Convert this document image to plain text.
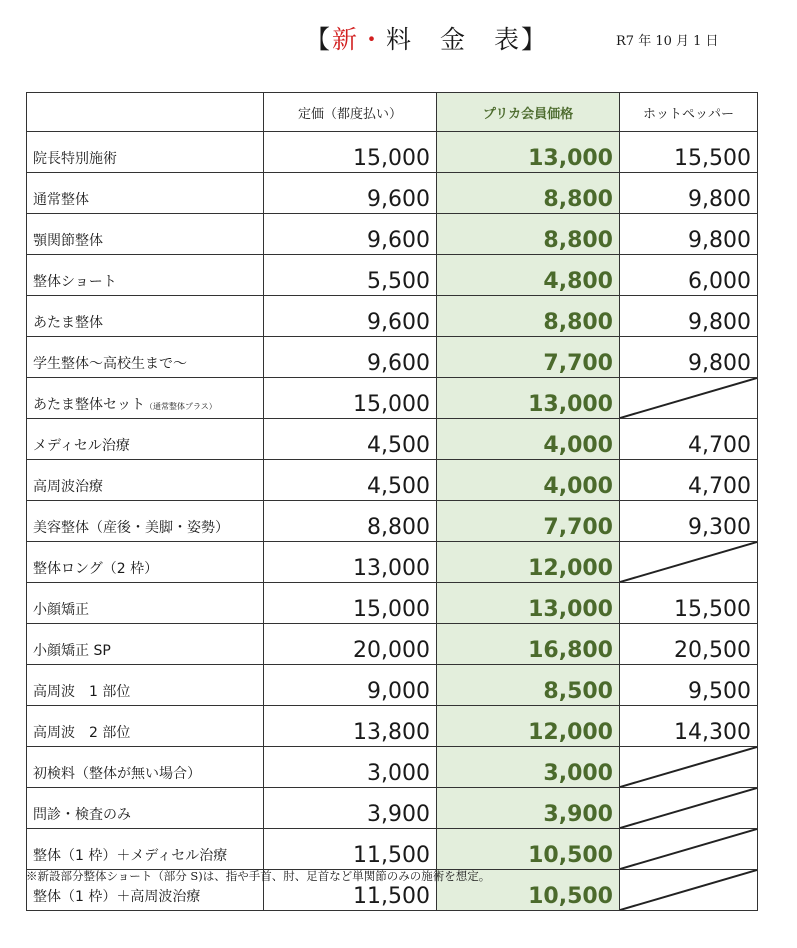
【新・料　金　表】	R7 年 10 月 1 日
	定価（都度払い）	プリカ会員価格	ホットペッパー
院長特別施術	15,000	13,000	15,500
通常整体	9,600	8,800	9,800
顎関節整体	9,600	8,800	9,800
整体ショート	5,500	4,800	6,000
あたま整体	9,600	8,800	9,800
学生整体～高校生まで～	9,600	7,700	9,800
あたま整体セット（通常整体プラス）	15,000	13,000	

メディセル治療	4,500	4,000	4,700
高周波治療	4,500	4,000	4,700
美容整体（産後・美脚・姿勢）	8,800	7,700	9,300
整体ロング（2 枠）	13,000	12,000	

小顔矯正	15,000	13,000	15,500
小顔矯正 SP	20,000	16,800	20,500
高周波　1 部位	9,000	8,500	9,500
高周波　2 部位	13,800	12,000	14,300
初検料（整体が無い場合）	3,000	3,000	

問診・検査のみ	3,900	3,900	

整体（1 枠）＋メディセル治療	11,500	10,500	

整体（1 枠）＋高周波治療	11,500	10,500	
※新設部分整体ショート（部分 S)は、指や手首、肘、足首など単関節のみの施術を想定。
